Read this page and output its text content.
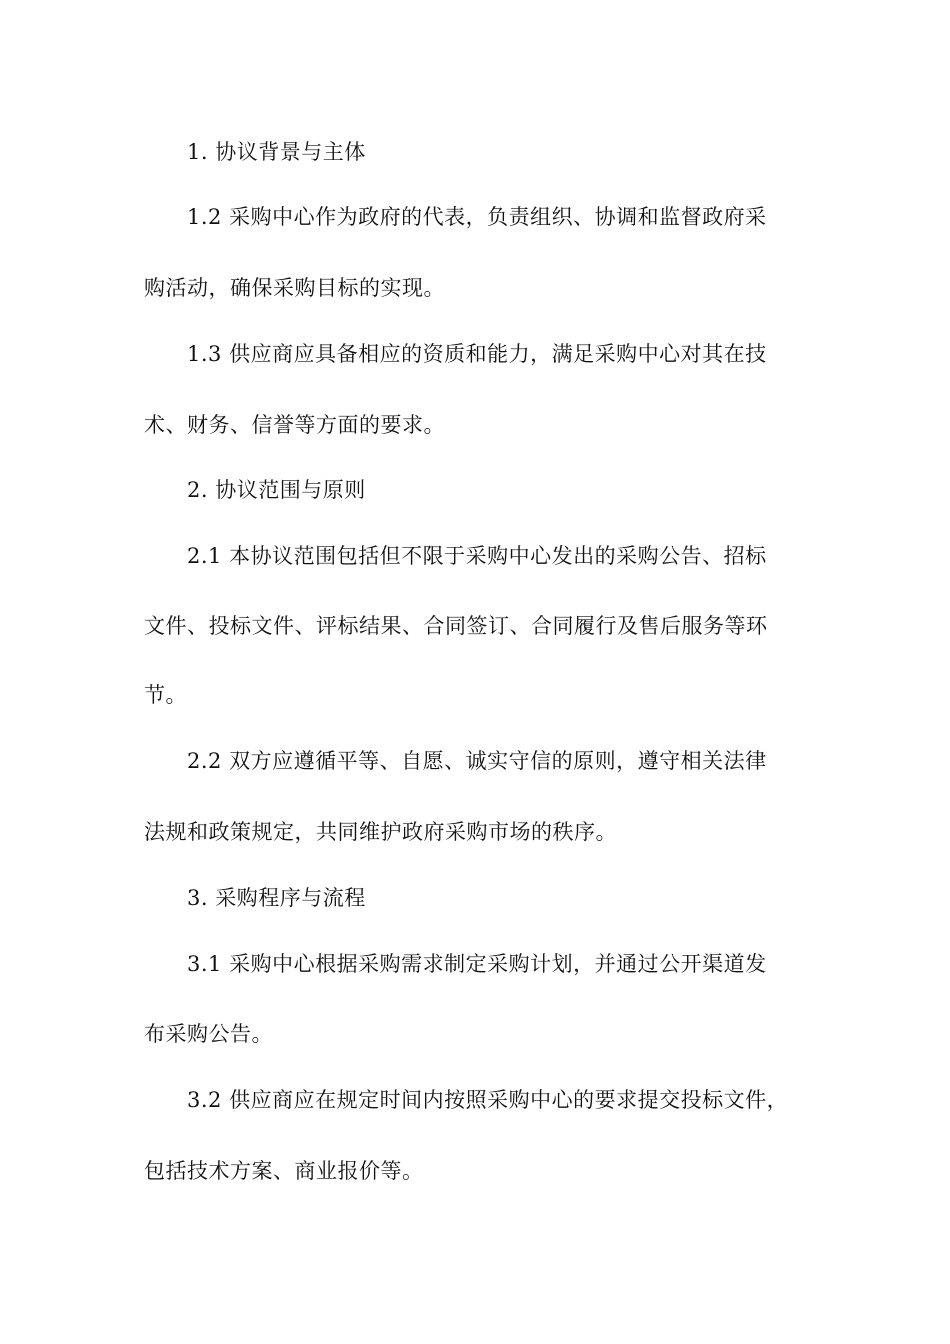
1. 协议背景与主体
1.2 采购中心作为政府的代表，负责组织、协调和监督政府采
购活动，确保采购目标的实现。
1.3 供应商应具备相应的资质和能力，满足采购中心对其在技
术、财务、信誉等方面的要求。
2. 协议范围与原则
2.1 本协议范围包括但不限于采购中心发出的采购公告、招标
文件、投标文件、评标结果、合同签订、合同履行及售后服务等环
节。
2.2 双方应遵循平等、自愿、诚实守信的原则，遵守相关法律
法规和政策规定，共同维护政府采购市场的秩序。
3. 采购程序与流程
3.1 采购中心根据采购需求制定采购计划，并通过公开渠道发
布采购公告。
3.2 供应商应在规定时间内按照采购中心的要求提交投标文件，
包括技术方案、商业报价等。
